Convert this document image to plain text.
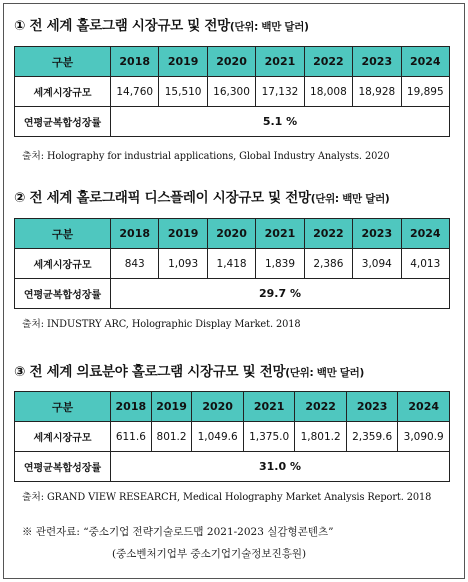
① 전 세계 홀로그램 시장규모 및 전망(단위: 백만 달러)
구분	2018	2019	2020	2021	2022	2023	2024
세계시장규모	14,760	15,510	16,300	17,132	18,008	18,928	19,895
연평균복합성장률	5.1 %						
출처: Holography for industrial applications, Global Industry Analysts. 2020
② 전 세계 홀로그래픽 디스플레이 시장규모 및 전망(단위: 백만 달러)
구분	2018	2019	2020	2021	2022	2023	2024
세계시장규모	843	1,093	1,418	1,839	2,386	3,094	4,013
연평균복합성장률	29.7 %						
출처: INDUSTRY ARC, Holographic Display Market. 2018
③ 전 세계 의료분야 홀로그램 시장규모 및 전망(단위: 백만 달러)
구분	2018	2019	2020	2021	2022	2023	2024
세계시장규모	611.6	801.2	1,049.6	1,375.0	1,801.2	2,359.6	3,090.9
연평균복합성장률	31.0 %						
출처: GRAND VIEW RESEARCH, Medical Holography Market Analysis Report. 2018
※ 관련자료: “중소기업 전략기술로드맵 2021-2023 실감형콘텐츠”
(중소벤처기업부 중소기업기술정보진흥원)
